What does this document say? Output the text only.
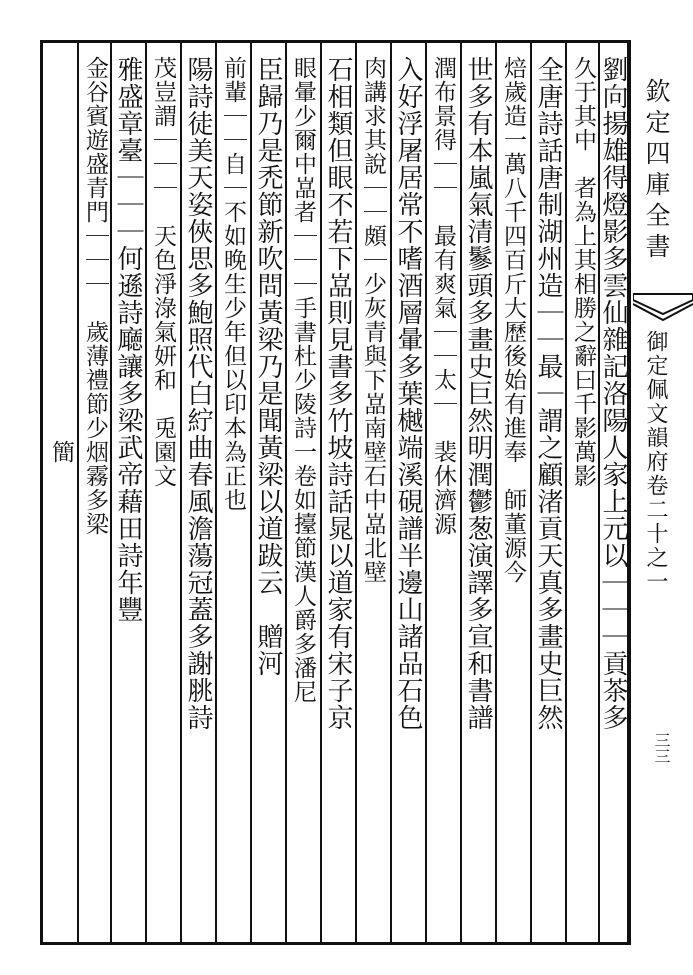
劉向揚雄得燈影多雲仙雜記洛陽人家上元以｜｜｜貢茶多
久于其中　者為上其相勝之辭曰千影萬影
全唐詩話唐制湖州造｜｜最｜謂之顧渚貢天真多畫史巨然
焙歲造一萬八千四百斤大歷後始有進奉　師董源今
世多有本嵐氣清鬖頭多畫史巨然明潤鬱葱演譯多宣和書譜
潤布景得｜｜　最有爽氣｜｜太｜　裴休濟源
入好浮屠居常不嗜酒層暈多葉樾端溪硯譜半邊山諸品石色
肉講求其說｜｜頗｜少灰青與下嵓南壁石中嵓北壁
石相類但眼不若下嵓則見書多竹坡詩話晁以道家有宋子京
眼暈少爾中嵓者｜｜｜手書杜少陵詩一卷如擡節漢人爵多潘尼
臣歸乃是禿節新吹問黃梁乃是聞黃梁以道跋云　贈河
前輩｜｜自｜不如晚生少年但以印本為正也
陽詩徒美天姿俠思多鮑照代白紵曲春風澹蕩冠蓋多謝脁詩
茂豈謂｜｜｜　天色淨淥氣妍和　兎園文
雅盛章臺｜｜｜何遜詩廰讓多梁武帝藉田詩年豐
金谷賓遊盛青門｜｜｜　歲薄禮節少烟霧多梁
　　　　　　　　　　　　　　　　簡	欽定四庫全書
御定佩文韻府卷二十之一
三三
